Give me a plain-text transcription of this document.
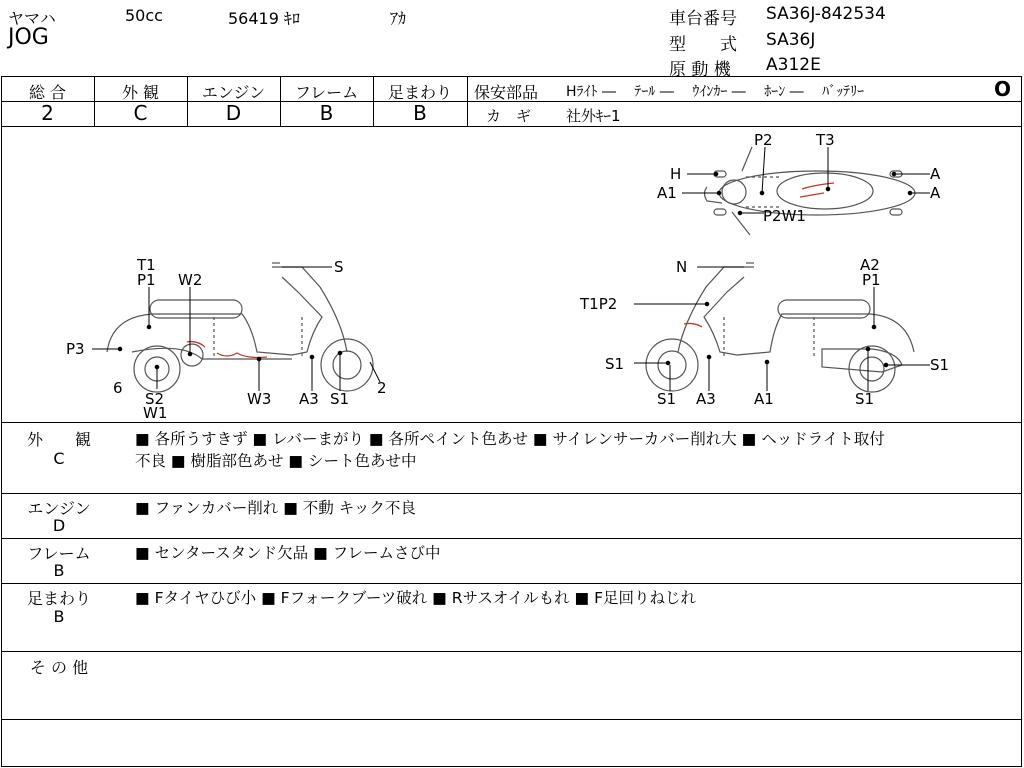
ヤマハ	50cc	56419 ｷﾛ	ｱｶ
JOG
車台番号 SA36J-842534
型　　式 SA36J
原 動 機 A312E
総 合	外 観	エンジン	フレーム	足まわり
2	C	D	B	B
保安部品 Hﾗｲﾄ ―　 ﾃｰﾙ ―　 ｳｲﾝｶｰ ―　 ﾎｰﾝ ―　 ﾊﾞｯﾃﾘｰ	O
カ　ギ 社外ｷｰ1
P2	T3
H	A
A1	A
P2W1
S
T1
P1 W2
P3
6
S2
W1
W3 A3 S1
2
N	A2
P1
T1P2
S1
S1
S1
A3	A1	S1
外　　観
C
■ 各所うすきず ■ レバーまがり ■ 各所ペイント色あせ ■ サイレンサーカバー削れ大 ■ ヘッドライト取付
不良 ■ 樹脂部色あせ ■ シート色あせ中
エンジン
D
■ ファンカバー削れ ■ 不動 キック不良
フレーム
B
■ センタースタンド欠品 ■ フレームさび中
足まわり
B
■ Fタイヤひび小 ■ Fフォークブーツ破れ ■ Rサスオイルもれ ■ F足回りねじれ
そ の 他
